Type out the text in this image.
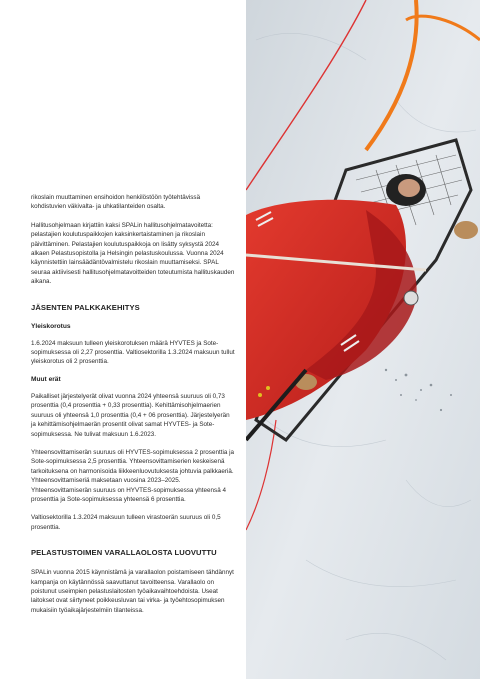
rikoslain muuttaminen ensihoidon henkilöstöön työtehtävissä kohdistuvien väkivalta- ja uhkatilanteiden osalta.

Hallitusohjelmaan kirjattiin kaksi SPALin hallitusohjelmatavoitetta: pelastajien koulutuspaikkojen kaksinkertaistaminen ja rikoslain päivittäminen. Pelastajien koulutuspaikkoja on lisätty syksystä 2024 alkaen Pelastusopistolla ja Helsingin pelastuskoulussa. Vuonna 2024 käynnistettiin lainsäädäntövalmistelu rikoslain muuttamiseksi. SPAL seuraa aktiivisesti hallitusohjelmatavoitteiden toteutumista hallituskauden aikana.

JÄSENTEN PALKKAKEHITYS
Yleiskorotus

1.6.2024 maksuun tulleen yleiskorotuksen määrä HYVTES ja Sote-sopimuksessa oli 2,27 prosenttia. Valtiosektorilla 1.3.2024 maksuun tullut yleiskorotus oli 2 prosenttia.

Muut erät

Paikalliset järjestelyerät olivat vuonna 2024 yhteensä suuruus oli 0,73 prosenttia (0,4 prosenttia + 0,33 prosenttia). Kehittämisohjelmaerien suuruus oli yhteensä 1,0 prosenttia (0,4 + 06 prosenttia). Järjestelyerän ja kehittämisohjelmaerän prosentit olivat samat HYVTES- ja Sote-sopimuksessa. Ne tulivat maksuun 1.6.2023.

Yhteensovittamiserän suuruus oli HYVTES-sopimuksessa 2 prosenttia ja Sote-sopimuksessa 2,5 prosenttia. Yhteensovittamiserien keskeisenä tarkoituksena on harmonisoida liikkeenluovutuksesta johtuvia palkkaeriä. Yhteensovittamiseriä maksetaan vuosina 2023–2025. Yhteensovittamiserän suuruus on HYVTES-sopimuksessa yhteensä 4 prosenttia ja Sote-sopimuksessa yhteensä 6 prosenttia.

Valtiosektorilla 1.3.2024 maksuun tulleen virastoerän suuruus oli 0,5 prosenttia.

PELASTUSTOIMEN VARALLAOLOSTA LUOVUTTU

SPALin vuonna 2015 käynnistämä ja varallaolon poistamiseen tähdännyt kampanja on käytännössä saavuttanut tavoitteensa. Varallaolo on poistunut useimpien pelastuslaitosten työaikavaihtoehdoista. Useat laitokset ovat siirtyneet poikkeusluvan tai virka- ja työehtosopimuksen mukaisiin työaikajärjestelmiin tilanteissa.
